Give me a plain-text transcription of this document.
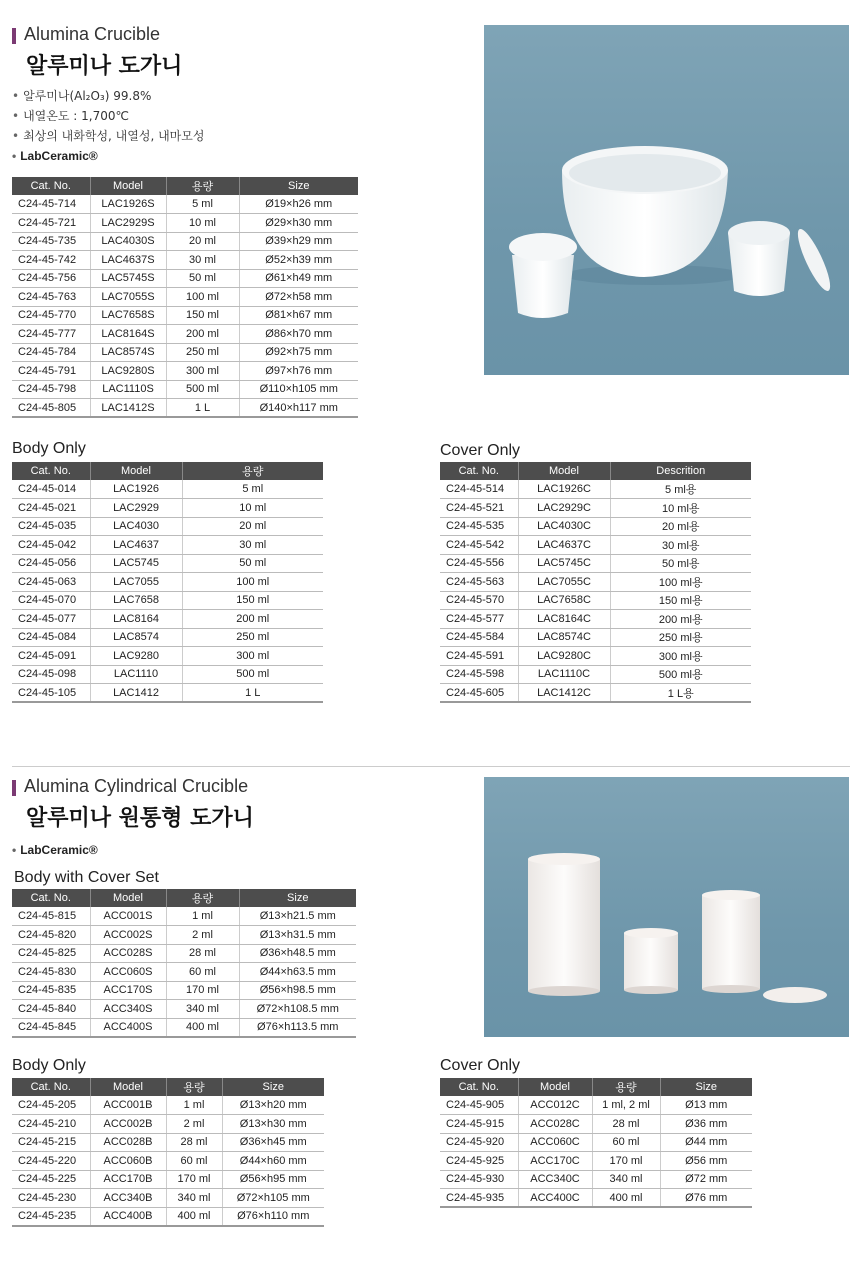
Alumina Crucible
알루미나 도가니
• 알루미나(Al₂O₃) 99.8%
• 내열온도 : 1,700℃
• 최상의 내화학성, 내열성, 내마모성
• LabCeramic®
Cat. No.	Model	용량	Size
C24-45-714	LAC1926S	5 ml	Ø19×h26 mm
C24-45-721	LAC2929S	10 ml	Ø29×h30 mm
C24-45-735	LAC4030S	20 ml	Ø39×h29 mm
C24-45-742	LAC4637S	30 ml	Ø52×h39 mm
C24-45-756	LAC5745S	50 ml	Ø61×h49 mm
C24-45-763	LAC7055S	100 ml	Ø72×h58 mm
C24-45-770	LAC7658S	150 ml	Ø81×h67 mm
C24-45-777	LAC8164S	200 ml	Ø86×h70 mm
C24-45-784	LAC8574S	250 ml	Ø92×h75 mm
C24-45-791	LAC9280S	300 ml	Ø97×h76 mm
C24-45-798	LAC1110S	500 ml	Ø110×h105 mm
C24-45-805	LAC1412S	1 L	Ø140×h117 mm
Body Only
Cat. No.	Model	용량
C24-45-014	LAC1926	5 ml
C24-45-021	LAC2929	10 ml
C24-45-035	LAC4030	20 ml
C24-45-042	LAC4637	30 ml
C24-45-056	LAC5745	50 ml
C24-45-063	LAC7055	100 ml
C24-45-070	LAC7658	150 ml
C24-45-077	LAC8164	200 ml
C24-45-084	LAC8574	250 ml
C24-45-091	LAC9280	300 ml
C24-45-098	LAC1110	500 ml
C24-45-105	LAC1412	1 L
Cover Only
Cat. No.	Model	Descrition
C24-45-514	LAC1926C	5 ml용
C24-45-521	LAC2929C	10 ml용
C24-45-535	LAC4030C	20 ml용
C24-45-542	LAC4637C	30 ml용
C24-45-556	LAC5745C	50 ml용
C24-45-563	LAC7055C	100 ml용
C24-45-570	LAC7658C	150 ml용
C24-45-577	LAC8164C	200 ml용
C24-45-584	LAC8574C	250 ml용
C24-45-591	LAC9280C	300 ml용
C24-45-598	LAC1110C	500 ml용
C24-45-605	LAC1412C	1 L용
Alumina Cylindrical Crucible
알루미나 원통형 도가니
• LabCeramic®
Body with Cover Set
Cat. No.	Model	용량	Size
C24-45-815	ACC001S	1 ml	Ø13×h21.5 mm
C24-45-820	ACC002S	2 ml	Ø13×h31.5 mm
C24-45-825	ACC028S	28 ml	Ø36×h48.5 mm
C24-45-830	ACC060S	60 ml	Ø44×h63.5 mm
C24-45-835	ACC170S	170 ml	Ø56×h98.5 mm
C24-45-840	ACC340S	340 ml	Ø72×h108.5 mm
C24-45-845	ACC400S	400 ml	Ø76×h113.5 mm
Body Only
Cat. No.	Model	용량	Size
C24-45-205	ACC001B	1 ml	Ø13×h20 mm
C24-45-210	ACC002B	2 ml	Ø13×h30 mm
C24-45-215	ACC028B	28 ml	Ø36×h45 mm
C24-45-220	ACC060B	60 ml	Ø44×h60 mm
C24-45-225	ACC170B	170 ml	Ø56×h95 mm
C24-45-230	ACC340B	340 ml	Ø72×h105 mm
C24-45-235	ACC400B	400 ml	Ø76×h110 mm
Cover Only
Cat. No.	Model	용량	Size
C24-45-905	ACC012C	1 ml, 2 ml	Ø13 mm
C24-45-915	ACC028C	28 ml	Ø36 mm
C24-45-920	ACC060C	60 ml	Ø44 mm
C24-45-925	ACC170C	170 ml	Ø56 mm
C24-45-930	ACC340C	340 ml	Ø72 mm
C24-45-935	ACC400C	400 ml	Ø76 mm
